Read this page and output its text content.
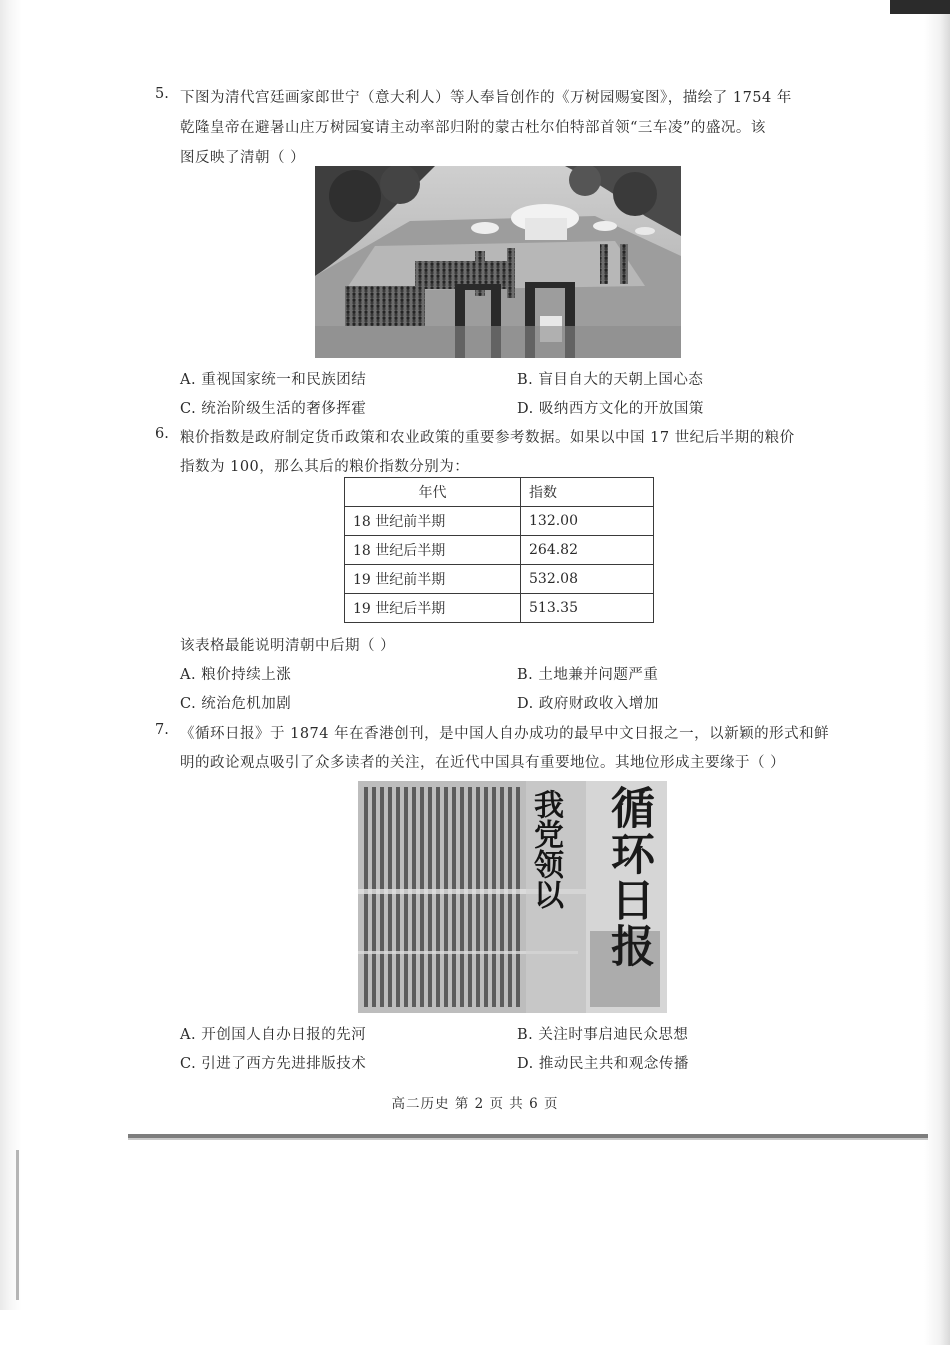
5. 下图为清代宫廷画家郎世宁（意大利人）等人奉旨创作的《万树园赐宴图》，描绘了 1754 年
乾隆皇帝在避暑山庄万树园宴请主动率部归附的蒙古杜尔伯特部首领“三车凌”的盛况。该
图反映了清朝（ ）
A. 重视国家统一和民族团结	B. 盲目自大的天朝上国心态
C. 统治阶级生活的奢侈挥霍	D. 吸纳西方文化的开放国策
6. 粮价指数是政府制定货币政策和农业政策的重要参考数据。如果以中国 17 世纪后半期的粮价
指数为 100，那么其后的粮价指数分别为：
年代	指数
18 世纪前半期	132.00
18 世纪后半期	264.82
19 世纪前半期	532.08
19 世纪后半期	513.35
该表格最能说明清朝中后期（ ）
A. 粮价持续上涨	B. 土地兼并问题严重
C. 统治危机加剧	D. 政府财政收入增加
7. 《循环日报》于 1874 年在香港创刊，是中国人自办成功的最早中文日报之一，以新颖的形式和鲜
明的政论观点吸引了众多读者的关注，在近代中国具有重要地位。其地位形成主要缘于（ ）
循环日报
我党领以
A. 开创国人自办日报的先河	B. 关注时事启迪民众思想
C. 引进了西方先进排版技术	D. 推动民主共和观念传播
高二历史 第 2 页 共 6 页
